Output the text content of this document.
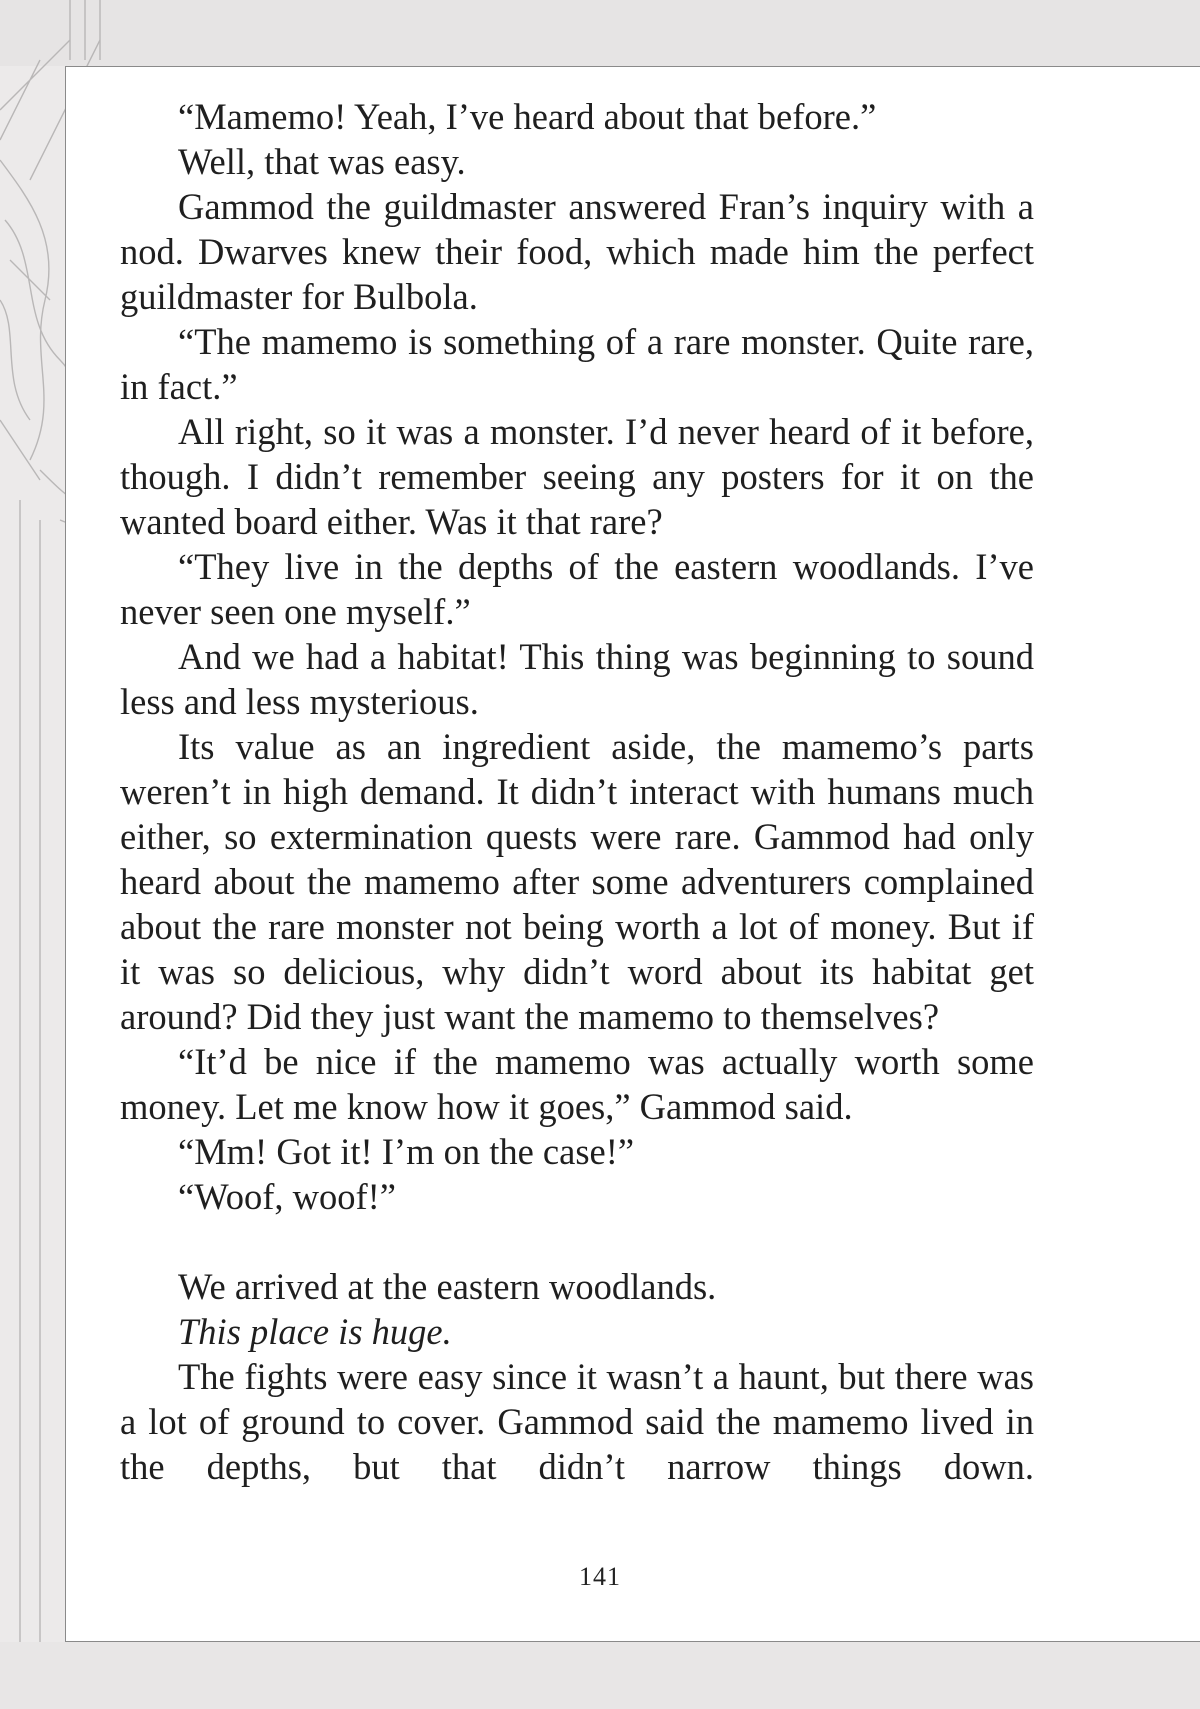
“Mamemo! Yeah, I’ve heard about that before.”

Well, that was easy.

Gammod the guildmaster answered Fran’s inquiry with a nod. Dwarves knew their food, which made him the perfect guildmaster for Bulbola.

“The mamemo is something of a rare monster. Quite rare, in fact.”

All right, so it was a monster. I’d never heard of it before, though. I didn’t remember seeing any posters for it on the wanted board either. Was it that rare?

“They live in the depths of the eastern woodlands. I’ve never seen one myself.”

And we had a habitat! This thing was beginning to sound less and less mysterious.

Its value as an ingredient aside, the mamemo’s parts weren’t in high demand. It didn’t interact with humans much either, so extermination quests were rare. Gammod had only heard about the mamemo after some adventurers complained about the rare monster not being worth a lot of money. But if it was so delicious, why didn’t word about its habitat get around? Did they just want the mamemo to themselves?

“It’d be nice if the mamemo was actually worth some money. Let me know how it goes,” Gammod said.

“Mm! Got it! I’m on the case!”

“Woof, woof!”

We arrived at the eastern woodlands.

This place is huge.

The fights were easy since it wasn’t a haunt, but there was a lot of ground to cover. Gammod said the mamemo lived in the depths, but that didn’t narrow things down.

141
